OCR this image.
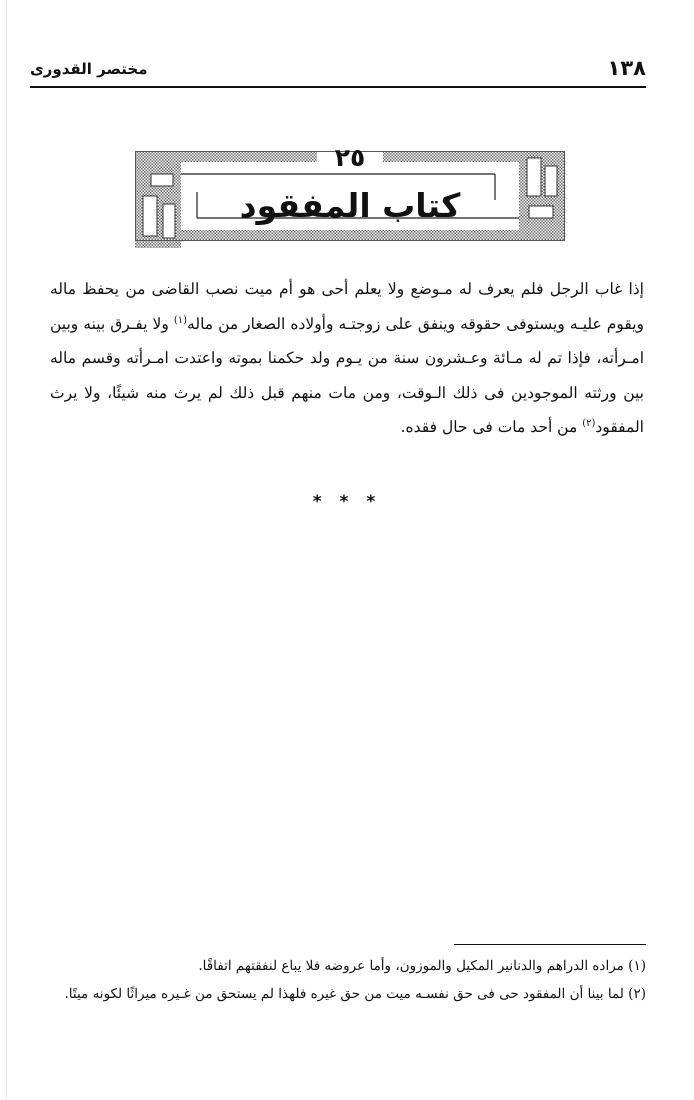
١٣٨
مختصر القدورى
٢٥
كتاب المفقود
إذا غاب الرجل فلم يعرف له مـوضع ولا يعلم أحى هو أم ميت نصب القاضى من يحفظ ماله ويقوم عليـه ويستوفى حقوقه وينفق على زوجتـه وأولاده الصغار من ماله$^{(١)}$ ولا يفـرق بينه وبين امـرأته، فإذا تم له مـائة وعـشرون سنة من يـوم ولد حكمنا بموته واعتدت امـرأته وقسم ماله بين ورثته الموجودين فى ذلك الـوقت، ومن مات منهم قبل ذلك لم يرث منه شيئًا، ولا يرث المفقود$^{(٢)}$ من أحد مات فى حال فقده.
* * *
(١) مراده الدراهم والدنانير المكيل والموزون، وأما عروضه فلا يباع لنفقتهم اتفاقًا.
(٢) لما بينا أن المفقود حى فى حق نفسـه ميت من حق غيره فلهذا لم يستحق من غـيره ميراثًا لكونه ميتًا.
